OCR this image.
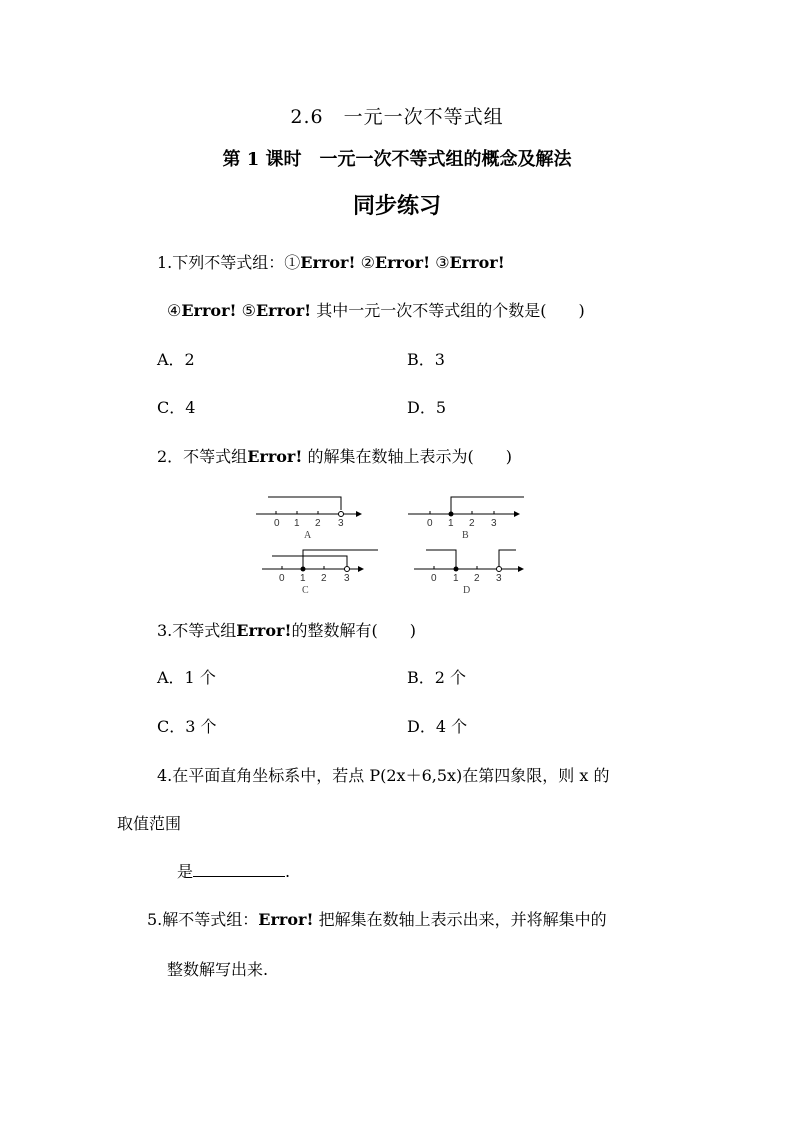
2.6　一元一次不等式组
第 1 课时　一元一次不等式组的概念及解法
同步练习
1.下列不等式组：①Error! ②Error! ③Error!
④Error! ⑤Error! 其中一元一次不等式组的个数是(　　)
A．2	B．3
C．4	D．5
2．不等式组Error! 的解集在数轴上表示为(　　)
0 1 2 3
A
0 1 2 3
B
0 1 2 3
C
0 1 2 3
D
3.不等式组Error!的整数解有(　　)
A．1 个	B．2 个
C．3 个	D．4 个
4.在平面直角坐标系中，若点 P(2x＋6,5x)在第四象限，则 x 的
取值范围
是	.
5.解不等式组：Error! 把解集在数轴上表示出来，并将解集中的
整数解写出来.
